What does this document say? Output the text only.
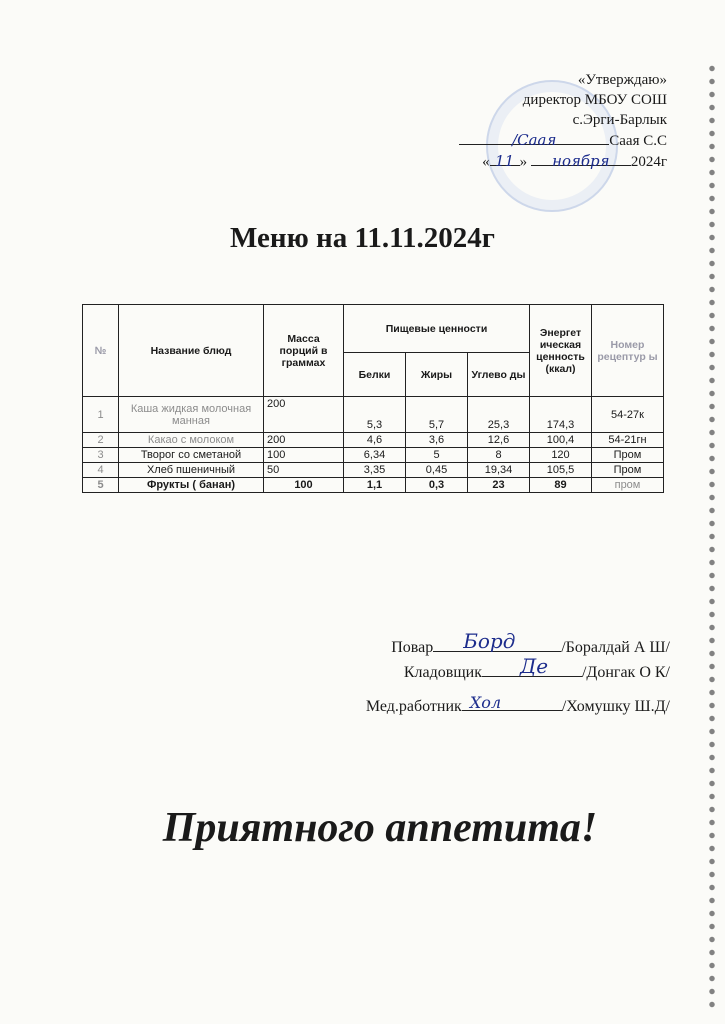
«Утверждаю»
директор МБОУ СОШ
с.Эрги-Барлык
/Саая	Саая С.С
« 11 » ноября 2024г
Меню на 11.11.2024г
№	Название блюд	Масса порций в граммах	Пищевые ценности			Энергет ическая ценность (ккал)	Номер рецептур ы
			Белки	Жиры	Углево ды		
1	Каша жидкая молочная манная	200	5,3	5,7	25,3	174,3	54-27к
2	Какао с молоком	200	4,6	3,6	12,6	100,4	54-21гн
3	Творог со сметаной	100	6,34	5	8	120	Пром
4	Хлеб пшеничный	50	3,35	0,45	19,34	105,5	Пром
5	Фрукты ( банан)	100	1,1	0,3	23	89	пром
Повар Борд	/Боралдай А Ш/
Кладовщик Де /Донгак О К/
Мед.работник Хол	/Хомушку Ш.Д/
Приятного аппетита!
